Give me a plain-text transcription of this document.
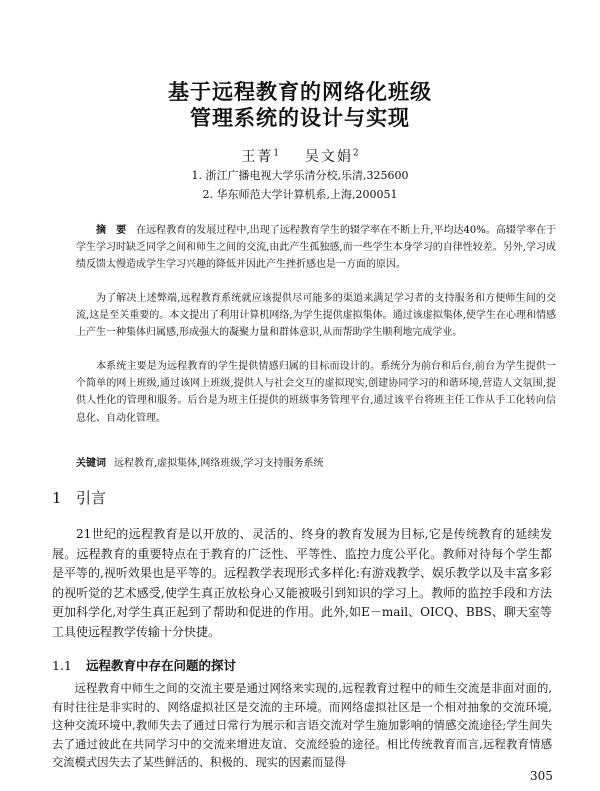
基于远程教育的网络化班级
管理系统的设计与实现
王菁$^1$ 吴文娟$^2$
1. 浙江广播电视大学乐清分校,乐清,325600
2. 华东师范大学计算机系,上海,200051

摘　要 在远程教育的发展过程中,出现了远程教育学生的辍学率在不断上升,平均达40%。高辍学率在于学生学习时缺乏同学之间和师生之间的交流,由此产生孤独感,而一些学生本身学习的自律性较差。另外,学习成绩反馈太慢造成学生学习兴趣的降低并因此产生挫折感也是一方面的原因。

为了解决上述弊端,远程教育系统就应该提供尽可能多的渠道来满足学习者的支持服务和方便师生间的交流,这是至关重要的。本文提出了利用计算机网络,为学生提供虚拟集体。通过该虚拟集体,使学生在心理和情感上产生一种集体归属感,形成强大的凝聚力量和群体意识,从而帮助学生顺利地完成学业。

本系统主要是为远程教育的学生提供情感归属的目标而设计的。系统分为前台和后台,前台为学生提供一个简单的网上班级,通过该网上班级,提供人与社会交互的虚拟现实,创建协同学习的和谐环境,营造人文氛围,提供人性化的管理和服务。后台是为班主任提供的班级事务管理平台,通过该平台将班主任工作从手工化转向信息化、自动化管理。

关键词 远程教育,虚拟集体,网络班级,学习支持服务系统
1 引言

21世纪的远程教育是以开放的、灵活的、终身的教育发展为目标,它是传统教育的延续发展。远程教育的重要特点在于教育的广泛性、平等性、监控力度公平化。教师对待每个学生都是平等的,视听效果也是平等的。远程教学表现形式多样化:有游戏教学、娱乐教学以及丰富多彩的视听觉的艺术感受,使学生真正放松身心又能被吸引到知识的学习上。教师的监控手段和方法更加科学化,对学生真正起到了帮助和促进的作用。此外,如E－mail、OICQ、BBS、聊天室等工具使远程教学传输十分快捷。

1.1 远程教育中存在问题的探讨

远程教育中师生之间的交流主要是通过网络来实现的,远程教育过程中的师生交流是非面对面的,有时往往是非实时的、网络虚拟社区是交流的主环境。而网络虚拟社区是一个相对抽象的交流环境,这种交流环境中,教师失去了通过日常行为展示和言语交流对学生施加影响的情感交流途径;学生间失去了通过彼此在共同学习中的交流来增进友谊、交流经验的途径。相比传统教育而言,远程教育情感交流模式因失去了某些鲜活的、积极的、现实的因素而显得

305
